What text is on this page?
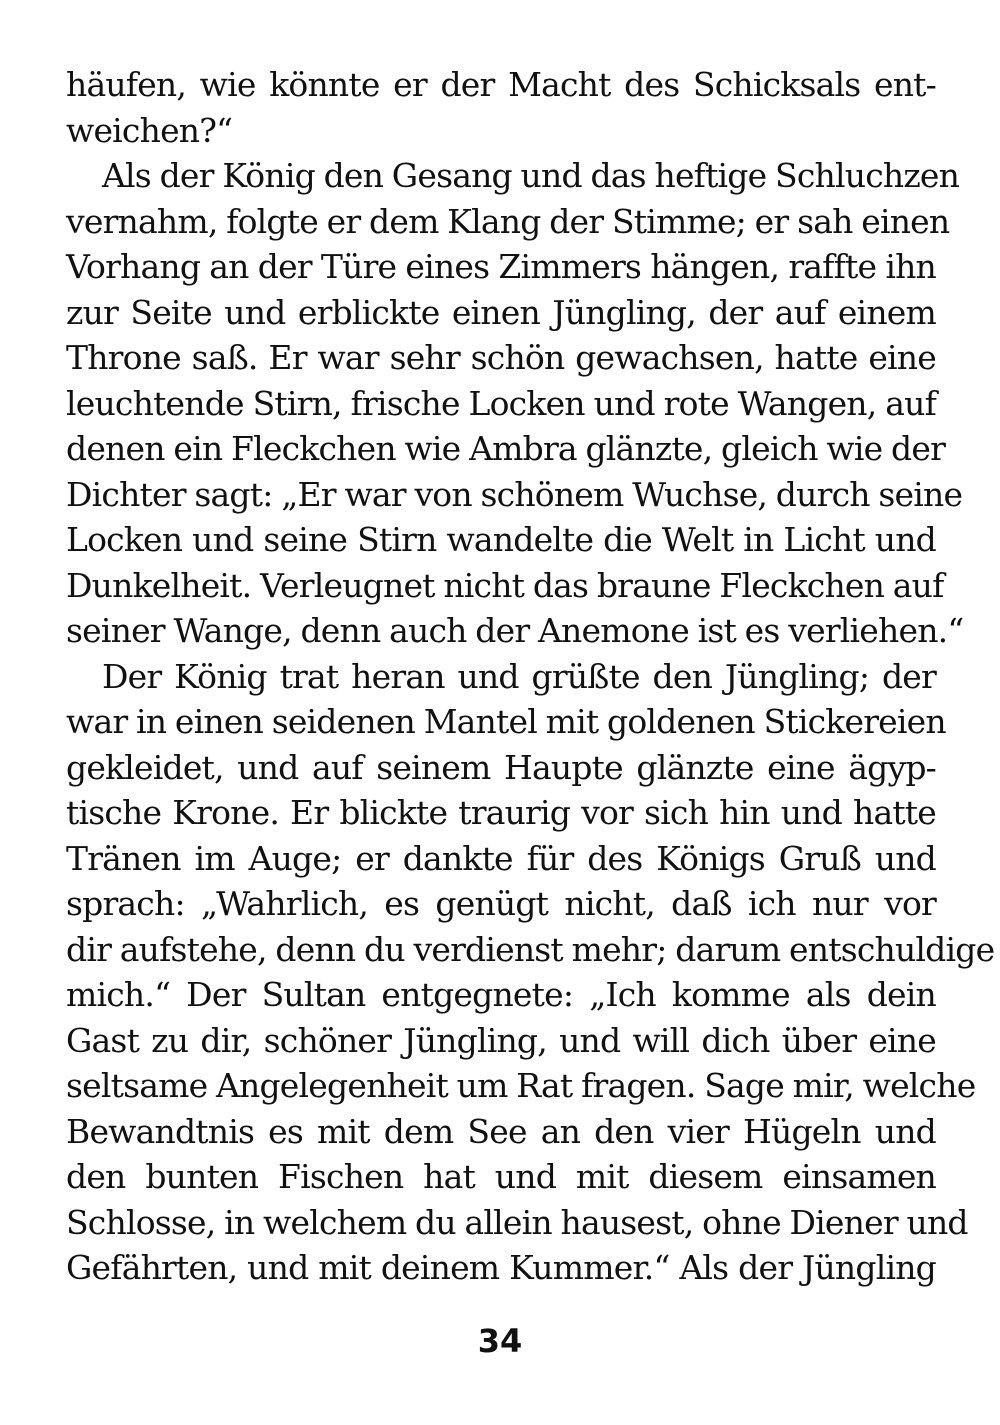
häufen, wie könnte er der Macht des Schicksals ent-
weichen?“
Als der König den Gesang und das heftige Schluchzen
vernahm, folgte er dem Klang der Stimme; er sah einen
Vorhang an der Türe eines Zimmers hängen, raffte ihn
zur Seite und erblickte einen Jüngling, der auf einem
Throne saß. Er war sehr schön gewachsen, hatte eine
leuchtende Stirn, frische Locken und rote Wangen, auf
denen ein Fleckchen wie Ambra glänzte, gleich wie der
Dichter sagt: „Er war von schönem Wuchse, durch seine
Locken und seine Stirn wandelte die Welt in Licht und
Dunkelheit. Verleugnet nicht das braune Fleckchen auf
seiner Wange, denn auch der Anemone ist es verliehen.“
Der König trat heran und grüßte den Jüngling; der
war in einen seidenen Mantel mit goldenen Stickereien
gekleidet, und auf seinem Haupte glänzte eine ägyp-
tische Krone. Er blickte traurig vor sich hin und hatte
Tränen im Auge; er dankte für des Königs Gruß und
sprach: „Wahrlich, es genügt nicht, daß ich nur vor
dir aufstehe, denn du verdienst mehr; darum entschuldige
mich.“ Der Sultan entgegnete: „Ich komme als dein
Gast zu dir, schöner Jüngling, und will dich über eine
seltsame Angelegenheit um Rat fragen. Sage mir, welche
Bewandtnis es mit dem See an den vier Hügeln und
den bunten Fischen hat und mit diesem einsamen
Schlosse, in welchem du allein hausest, ohne Diener und
Gefährten, und mit deinem Kummer.“ Als der Jüngling
34
